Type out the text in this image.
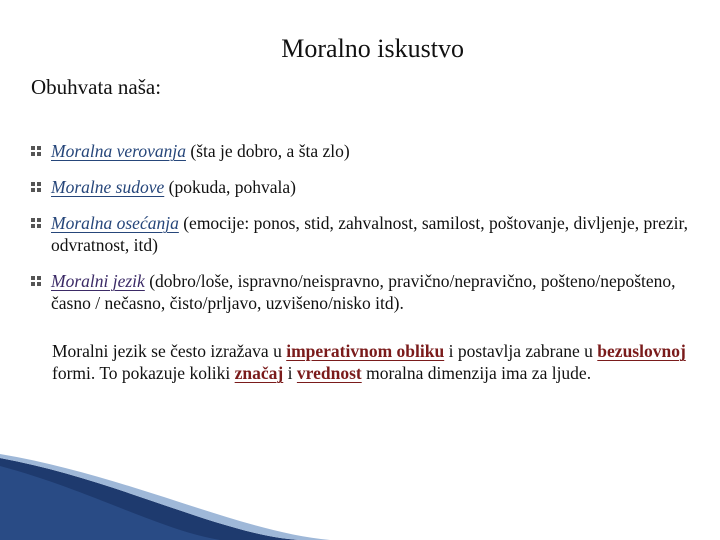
Moralno iskustvo
Obuhvata naša:
Moralna verovanja (šta je dobro, a šta zlo)
Moralne sudove (pokuda, pohvala)
Moralna osećanja (emocije: ponos, stid, zahvalnost, samilost, poštovanje, divljenje, prezir, odvratnost, itd)
Moralni jezik (dobro/loše, ispravno/neispravno, pravično/nepravično, pošteno/nepošteno, časno / nečasno, čisto/prljavo, uzvišeno/nisko itd).
Moralni jezik se često izražava u imperativnom obliku i postavlja zabrane u bezuslovnoj formi. To pokazuje koliki značaj i vrednost moralna dimenzija ima za ljude.
